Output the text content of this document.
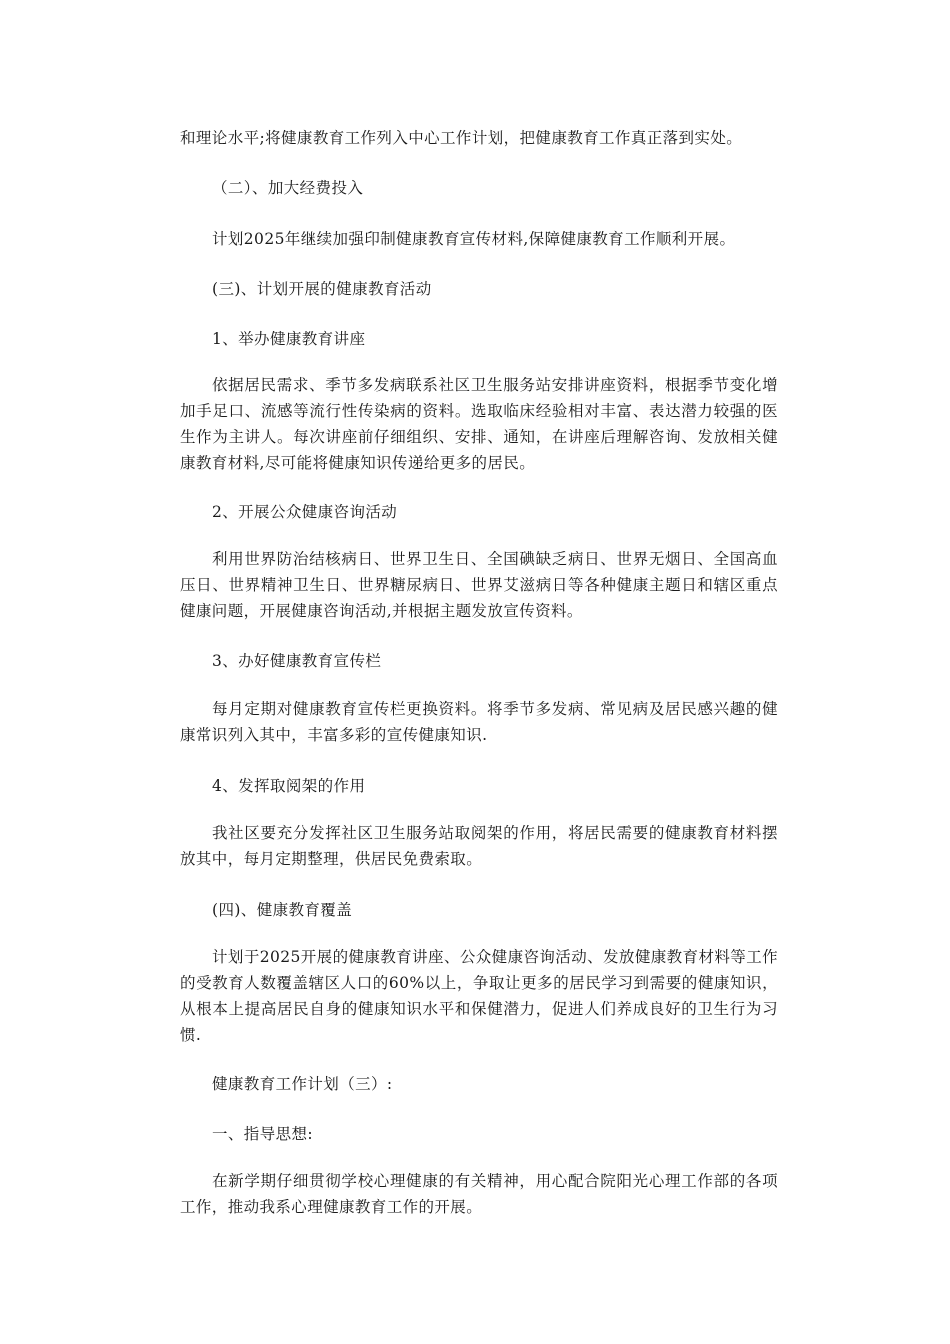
和理论水平;将健康教育工作列入中心工作计划，把健康教育工作真正落到实处。

（二）、加大经费投入

计划2025年继续加强印制健康教育宣传材料,保障健康教育工作顺利开展。

(三)、计划开展的健康教育活动

1、举办健康教育讲座

依据居民需求、季节多发病联系社区卫生服务站安排讲座资料，根据季节变化增加手足口、流感等流行性传染病的资料。选取临床经验相对丰富、表达潜力较强的医生作为主讲人。每次讲座前仔细组织、安排、通知，在讲座后理解咨询、发放相关健康教育材料,尽可能将健康知识传递给更多的居民。

2、开展公众健康咨询活动

利用世界防治结核病日、世界卫生日、全国碘缺乏病日、世界无烟日、全国高血压日、世界精神卫生日、世界糖尿病日、世界艾滋病日等各种健康主题日和辖区重点健康问题，开展健康咨询活动,并根据主题发放宣传资料。

3、办好健康教育宣传栏

每月定期对健康教育宣传栏更换资料。将季节多发病、常见病及居民感兴趣的健康常识列入其中，丰富多彩的宣传健康知识.

4、发挥取阅架的作用

我社区要充分发挥社区卫生服务站取阅架的作用，将居民需要的健康教育材料摆放其中，每月定期整理，供居民免费索取。

(四)、健康教育覆盖

计划于2025开展的健康教育讲座、公众健康咨询活动、发放健康教育材料等工作的受教育人数覆盖辖区人口的60%以上，争取让更多的居民学习到需要的健康知识，从根本上提高居民自身的健康知识水平和保健潜力，促进人们养成良好的卫生行为习惯.

健康教育工作计划（三）:

一、指导思想:

在新学期仔细贯彻学校心理健康的有关精神，用心配合院阳光心理工作部的各项工作，推动我系心理健康教育工作的开展。
